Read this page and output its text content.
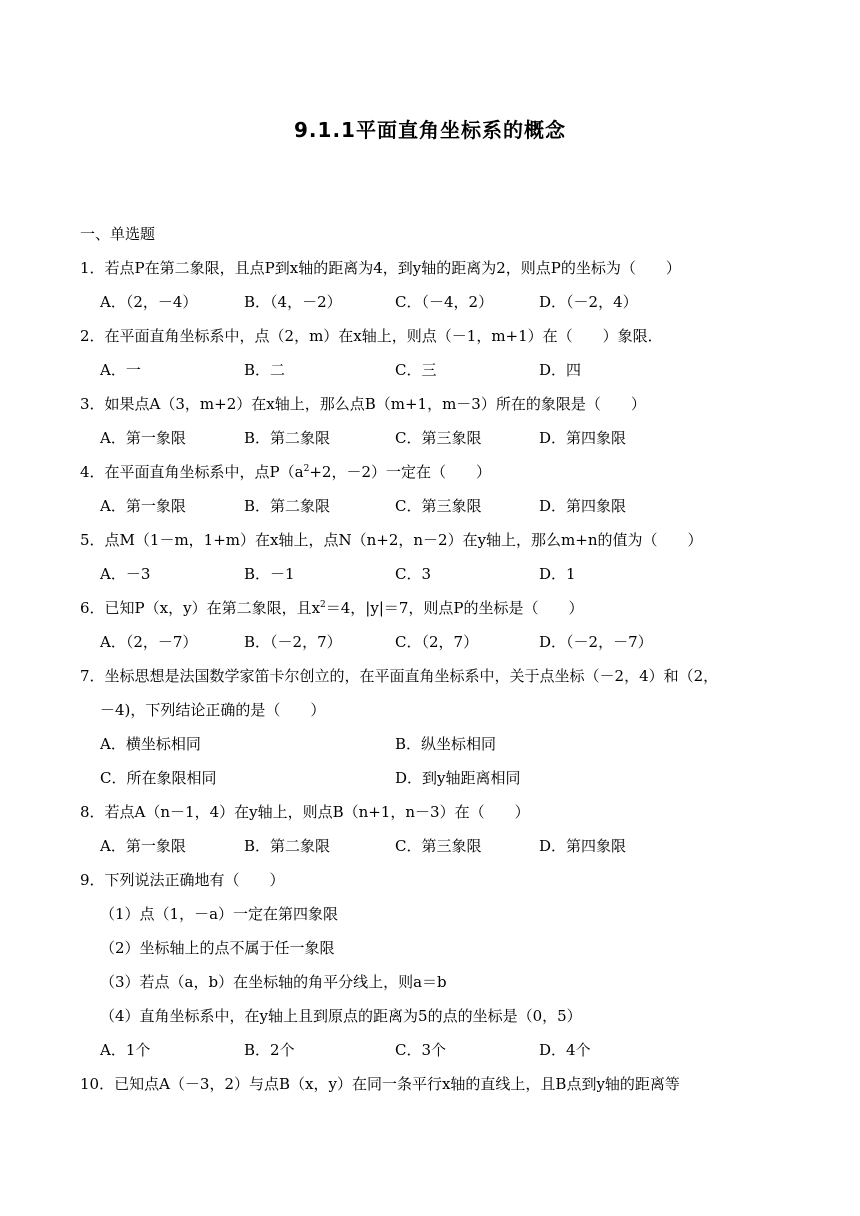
9.1.1平面直角坐标系的概念
一、单选题
1．若点P在第二象限，且点P到x轴的距离为4，到y轴的距离为2，则点P的坐标为（　　）
A．（2，－4）	B．（4，－2）	C．（－4，2）	D．（－2，4）
2．在平面直角坐标系中，点（2，m）在x轴上，则点（－1，m+1）在（　　）象限．
A．一	B．二	C．三	D．四
3．如果点A（3，m+2）在x轴上，那么点B（m+1，m－3）所在的象限是（　　）
A．第一象限	B．第二象限	C．第三象限	D．第四象限
4．在平面直角坐标系中，点$P(a^2+2$，－2）一定在（　　）
A．第一象限	B．第二象限	C．第三象限	D．第四象限
5．点M（1－m，1+m）在x轴上，点N（n+2，n－2）在y轴上，那么m+n的值为（　　）
A．－3	B．－1	C．3	D．1
6．已知P（x，y）在第二象限，且$x^2=4$，|y|＝7，则点P的坐标是（　　）
A．（2，－7）	B．（－2，7）	C．（2，7）	D．（－2，－7）
7．坐标思想是法国数学家笛卡尔创立的，在平面直角坐标系中，关于点坐标（－2，4）和（2，
－4)，下列结论正确的是（　　）
A．横坐标相同	B．纵坐标相同
C．所在象限相同	D．到y轴距离相同
8．若点A（n－1，4）在y轴上，则点B（n+1，n－3）在（　　）
A．第一象限	B．第二象限	C．第三象限	D．第四象限
9．下列说法正确地有（　　）
（1）点（1，－a）一定在第四象限
（2）坐标轴上的点不属于任一象限
（3）若点（a，b）在坐标轴的角平分线上，则a＝b
（4）直角坐标系中，在y轴上且到原点的距离为5的点的坐标是（0，5）
A．1个	B．2个	C．3个	D．4个
10．已知点A（－3，2）与点B（x，y）在同一条平行x轴的直线上，且B点到y轴的距离等
